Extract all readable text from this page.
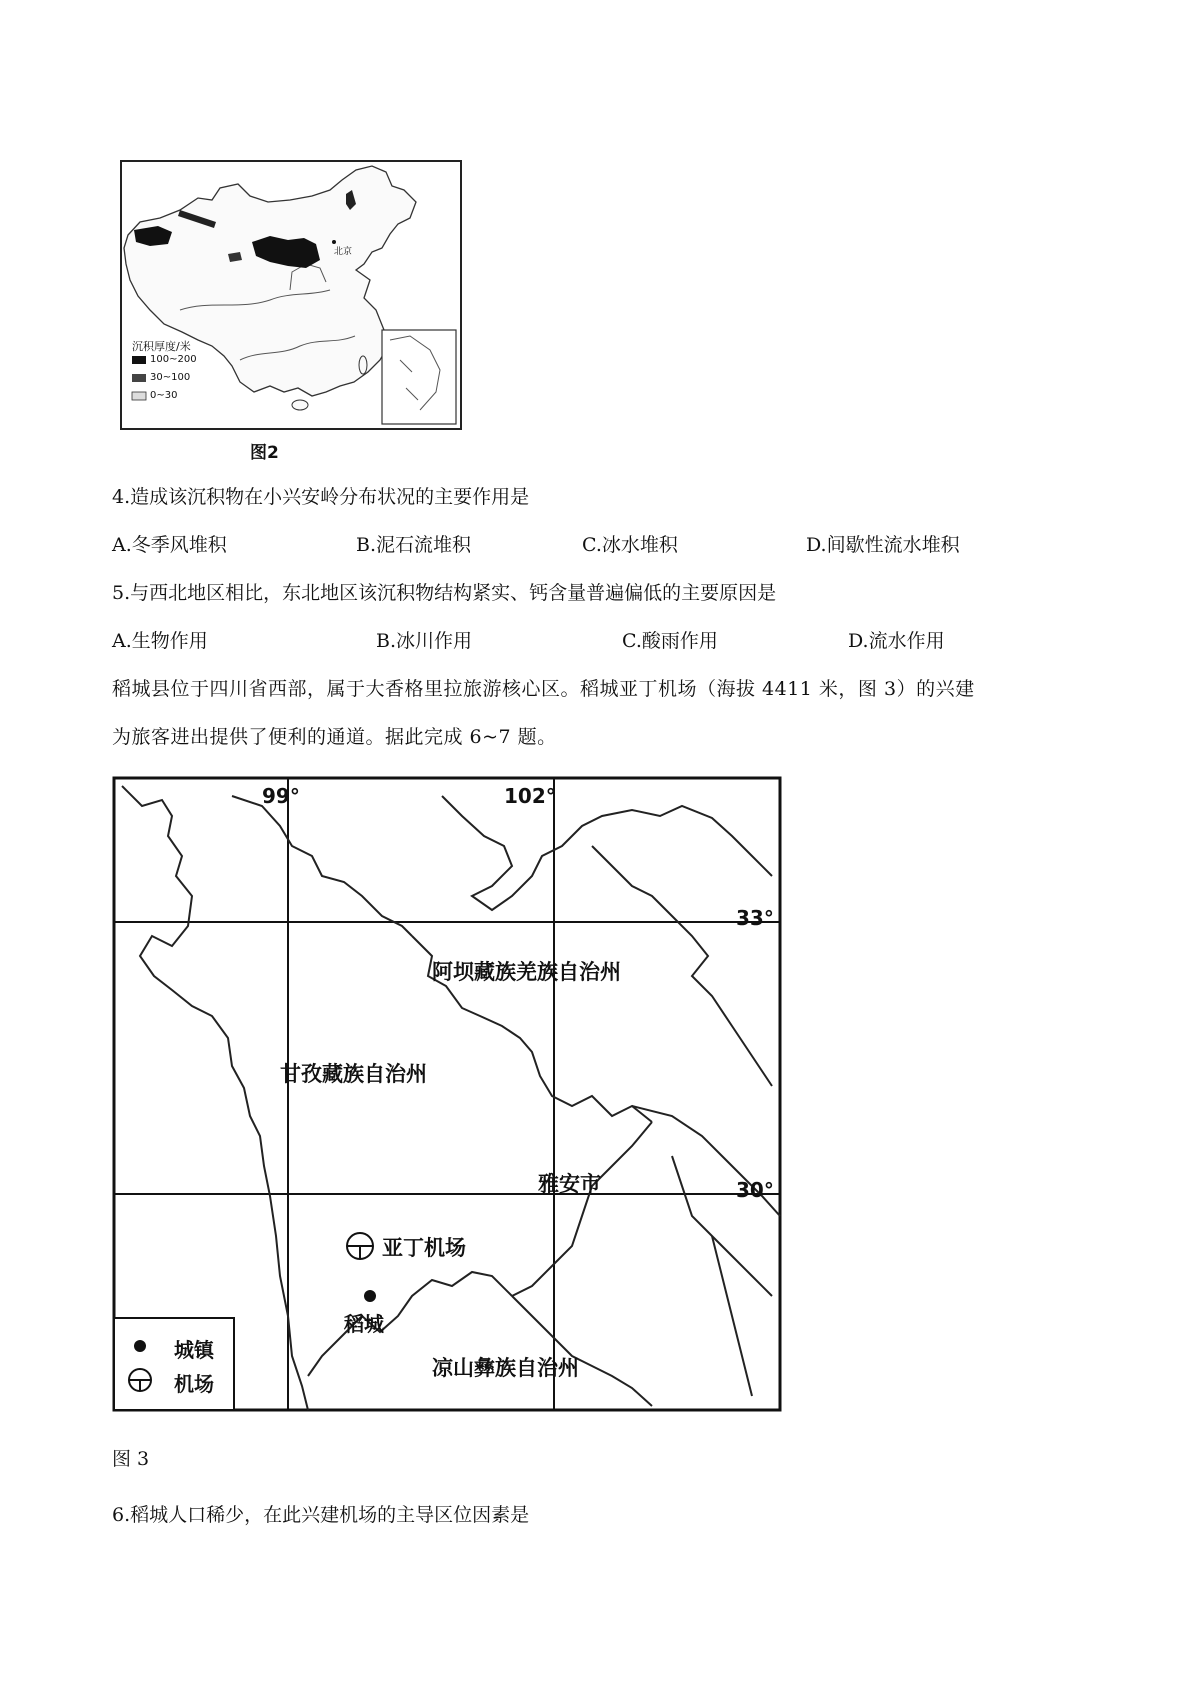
沉积厚度/米
100~200
30~100
0~30
北京
图2
4.造成该沉积物在小兴安岭分布状况的主要作用是
A.冬季风堆积	B.泥石流堆积	C.冰水堆积	D.间歇性流水堆积
5.与西北地区相比，东北地区该沉积物结构紧实、钙含量普遍偏低的主要原因是
A.生物作用	B.冰川作用	C.酸雨作用	D.流水作用
稻城县位于四川省西部，属于大香格里拉旅游核心区。稻城亚丁机场（海拔 4411 米，图 3）的兴建
为旅客进出提供了便利的通道。据此完成 6~7 题。
99°	102°
33°
30°
阿坝藏族羌族自治州
甘孜藏族自治州
雅安市
凉山彝族自治州
亚丁机场
稻城
城镇
机场
图 3
6.稻城人口稀少，在此兴建机场的主导区位因素是
